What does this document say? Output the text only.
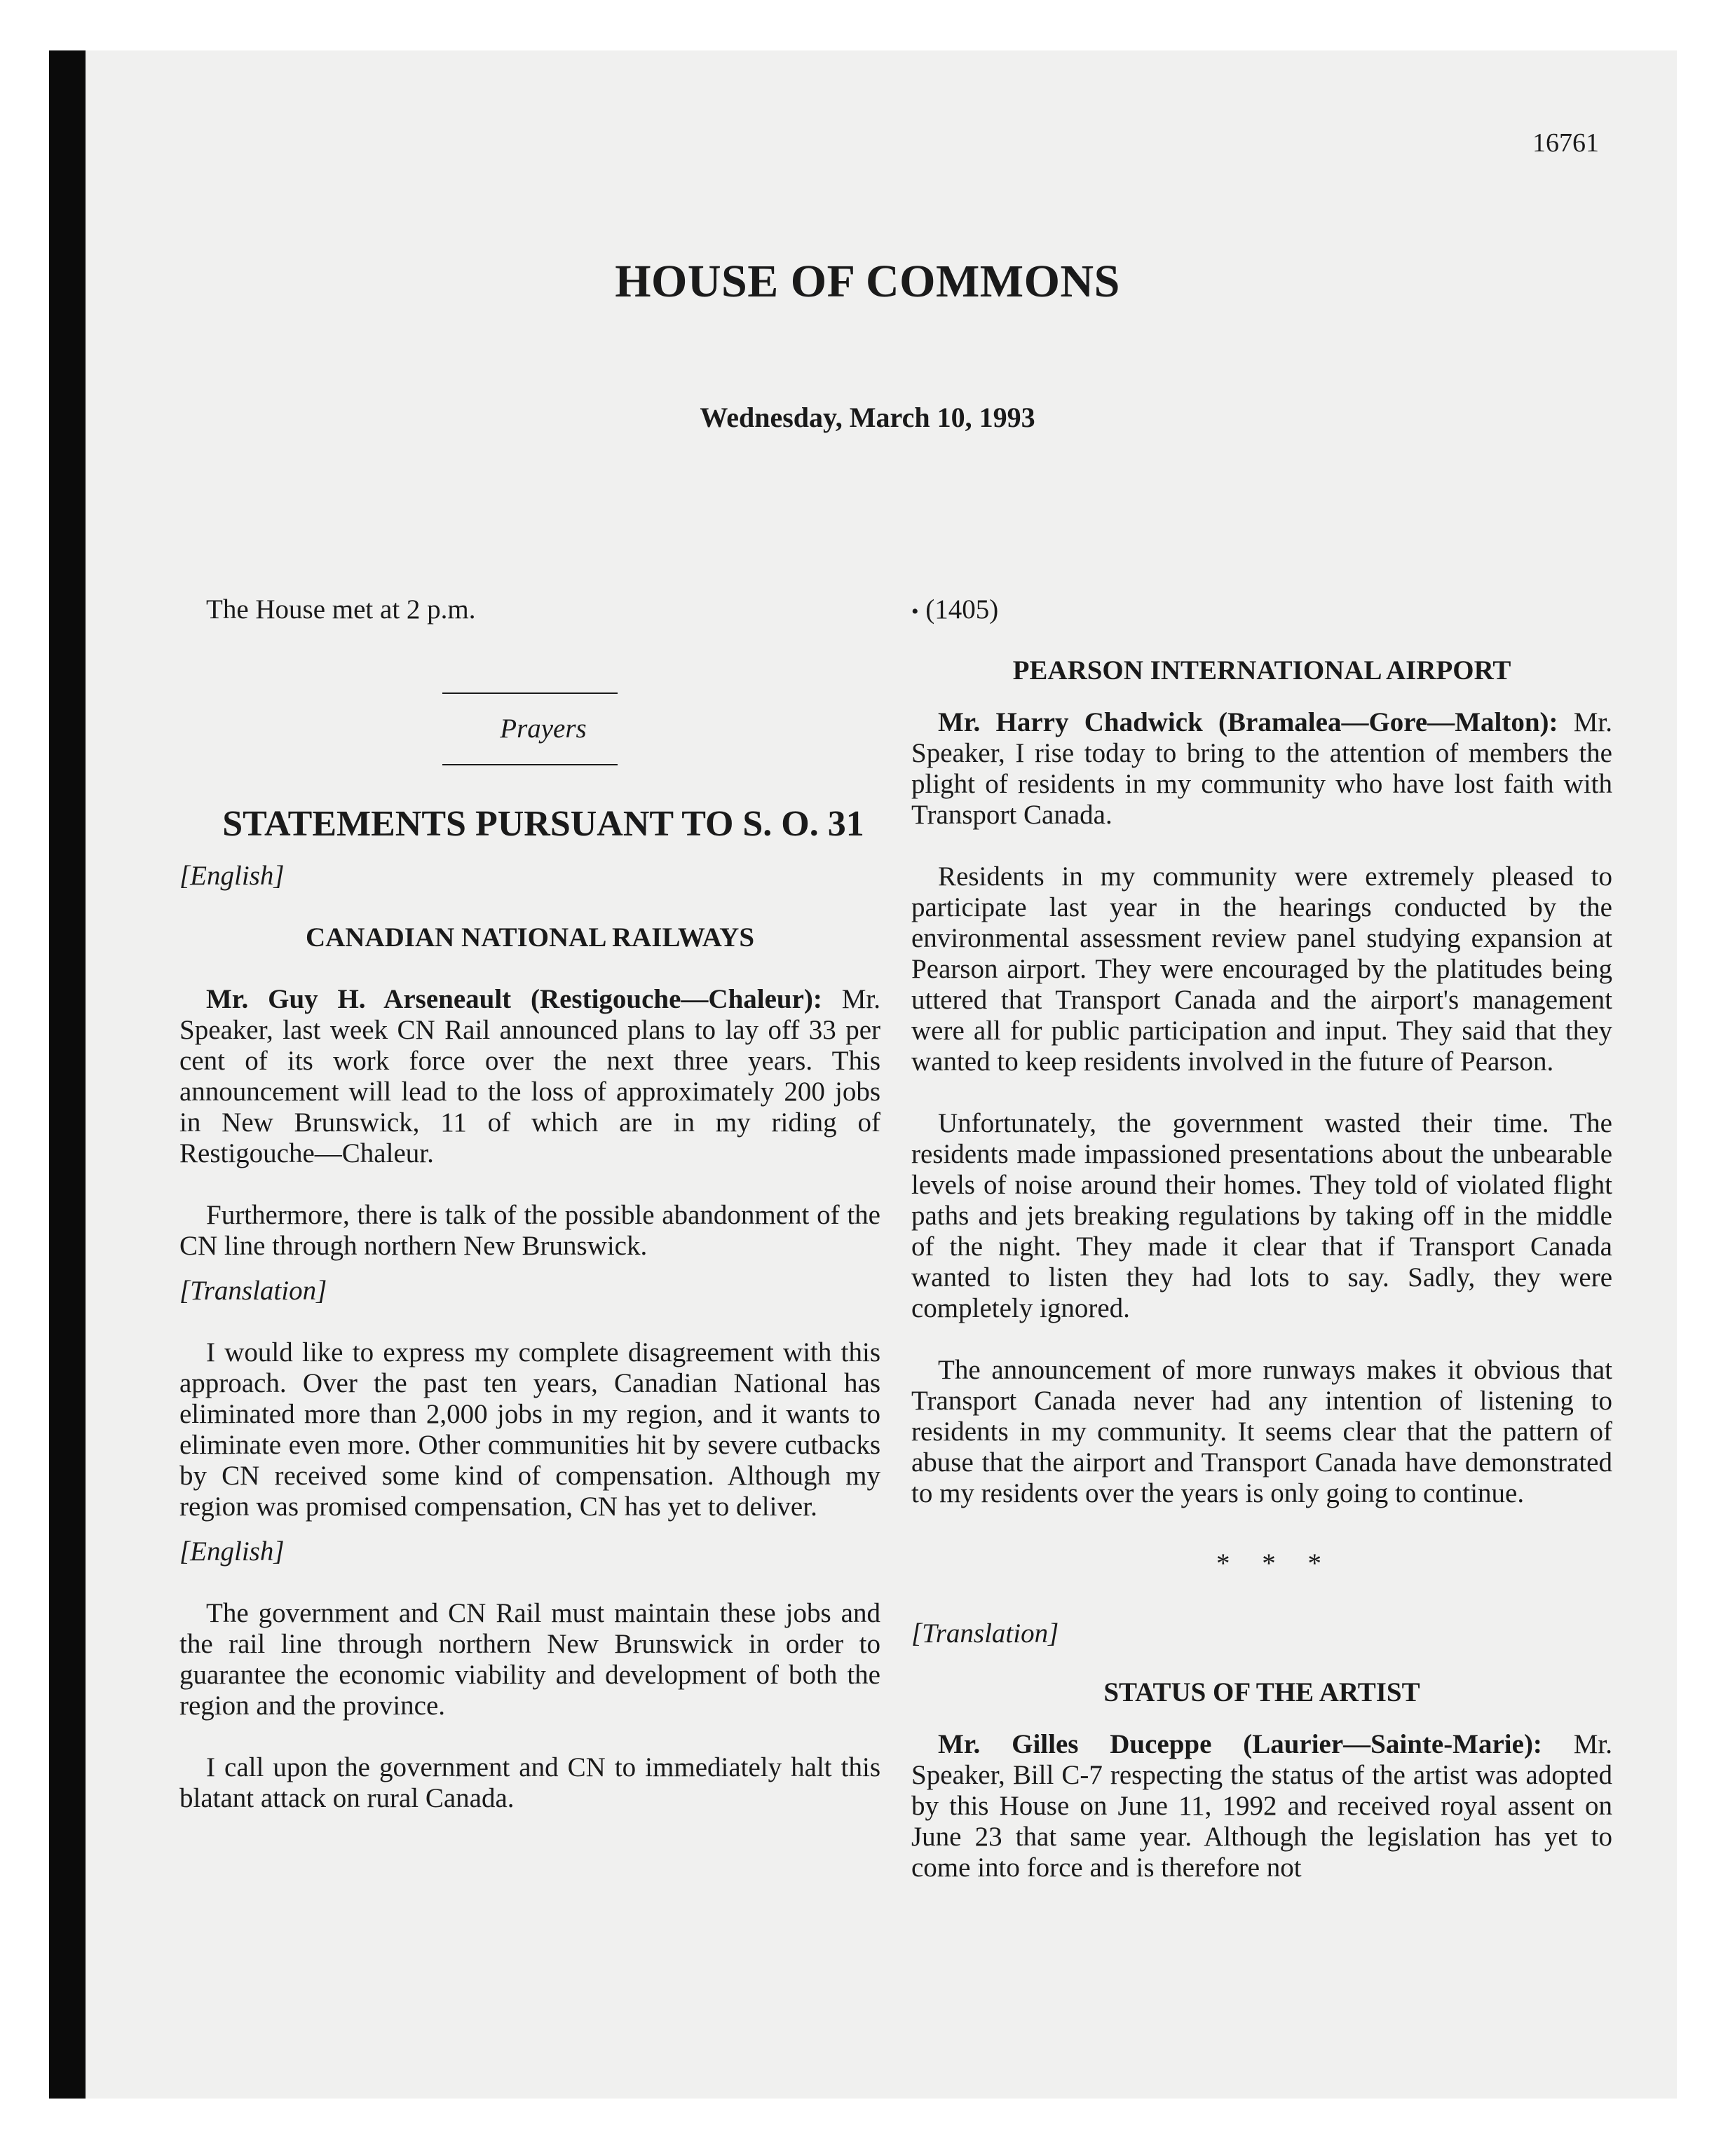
16761
HOUSE OF COMMONS
Wednesday, March 10, 1993

The House met at 2 p.m.

Prayers

STATEMENTS PURSUANT TO S. O. 31

[English]

CANADIAN NATIONAL RAILWAYS

Mr. Guy H. Arseneault (Restigouche—Chaleur): Mr. Speaker, last week CN Rail announced plans to lay off 33 per cent of its work force over the next three years. This announcement will lead to the loss of approximately 200 jobs in New Brunswick, 11 of which are in my riding of Restigouche—Chaleur.

Furthermore, there is talk of the possible abandonment of the CN line through northern New Brunswick.

[Translation]

I would like to express my complete disagreement with this approach. Over the past ten years, Canadian National has eliminated more than 2,000 jobs in my region, and it wants to eliminate even more. Other communities hit by severe cutbacks by CN received some kind of compensation. Although my region was promised compensation, CN has yet to deliver.

[English]

The government and CN Rail must maintain these jobs and the rail line through northern New Brunswick in order to guarantee the economic viability and development of both the region and the province.

I call upon the government and CN to immediately halt this blatant attack on rural Canada.

• (1405)

PEARSON INTERNATIONAL AIRPORT

Mr. Harry Chadwick (Bramalea—Gore—Malton): Mr. Speaker, I rise today to bring to the attention of members the plight of residents in my community who have lost faith with Transport Canada.

Residents in my community were extremely pleased to participate last year in the hearings conducted by the environmental assessment review panel studying expansion at Pearson airport. They were encouraged by the platitudes being uttered that Transport Canada and the airport's management were all for public participation and input. They said that they wanted to keep residents involved in the future of Pearson.

Unfortunately, the government wasted their time. The residents made impassioned presentations about the unbearable levels of noise around their homes. They told of violated flight paths and jets breaking regulations by taking off in the middle of the night. They made it clear that if Transport Canada wanted to listen they had lots to say. Sadly, they were completely ignored.

The announcement of more runways makes it obvious that Transport Canada never had any intention of listening to residents in my community. It seems clear that the pattern of abuse that the airport and Transport Canada have demonstrated to my residents over the years is only going to continue.

* * *

[Translation]

STATUS OF THE ARTIST

Mr. Gilles Duceppe (Laurier—Sainte-Marie): Mr. Speaker, Bill C-7 respecting the status of the artist was adopted by this House on June 11, 1992 and received royal assent on June 23 that same year. Although the legislation has yet to come into force and is therefore not
